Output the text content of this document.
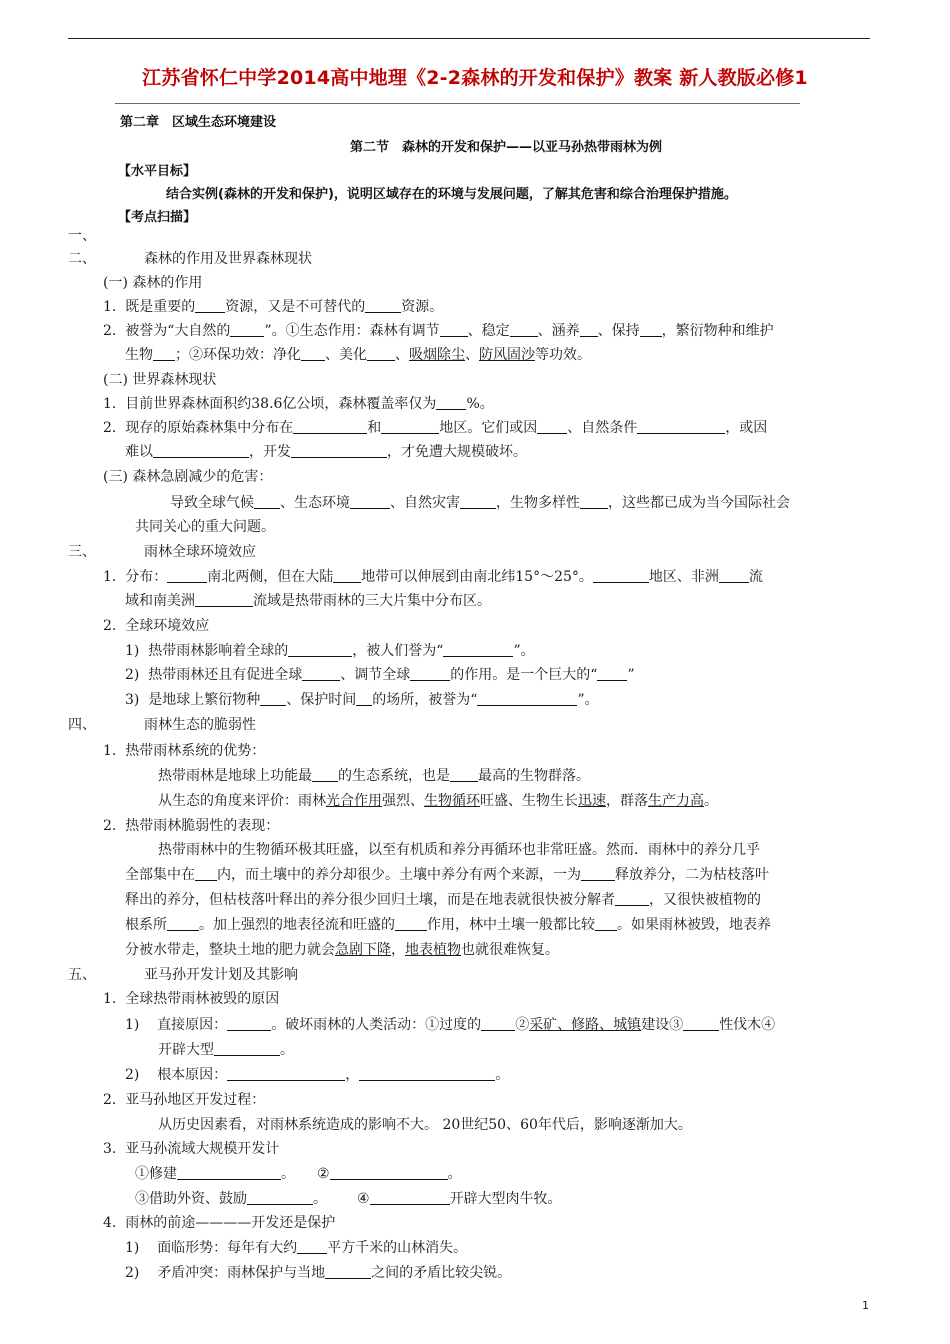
江苏省怀仁中学2014高中地理《2-2森林的开发和保护》教案 新人教版必修1
第二章　区域生态环境建设
第二节　森林的开发和保护——以亚马孙热带雨林为例
【水平目标】
结合实例(森林的开发和保护)，说明区域存在的环境与发展问题，了解其危害和综合治理保护措施。
【考点扫描】
一、
二、	森林的作用及世界森林现状
(一) 森林的作用
1. 既是重要的 资源，又是不可替代的	资源。
2. 被誉为“大自然的 ”。①生态作用：森林有调节 、稳定 、涵养 、保持 ，繁衍物种和维护
生物 ；②环保功效：净化 、美化 、吸烟除尘、防风固沙等功效。
(二) 世界森林现状
1. 目前世界森林面积约38.6亿公顷，森林覆盖率仅为 %。
2. 现存的原始森林集中分布在	和	地区。它们或因 、自然条件	，或因
难以	，开发	，才免遭大规模破坏。
(三) 森林急剧减少的危害：
导致全球气候 、生态环境	、自然灾害	，生物多样性 ，这些都已成为当今国际社会
共同关心的重大问题。
三、	雨林全球环境效应
1. 分布：	南北两侧，但在大陆 地带可以伸展到由南北纬15°～25°。	地区、非洲 流
域和南美洲	流域是热带雨林的三大片集中分布区。
2. 全球环境效应
1) 热带雨林影响着全球的	，被人们誉为“	”。
2) 热带雨林还且有促进全球	、调节全球	的作用。是一个巨大的“ ”
3) 是地球上繁衍物种 、保护时间 的场所，被誉为“	”。
四、	雨林生态的脆弱性
1. 热带雨林系统的优势：
热带雨林是地球上功能最 的生态系统，也是 最高的生物群落。
从生态的角度来评价：雨林光合作用强烈、生物循环旺盛、生物生长迅速，群落生产力高。
2. 热带雨林脆弱性的表现：
热带雨林中的生物循环极其旺盛，以至有机质和养分再循环也非常旺盛。然而．雨林中的养分几乎
全部集中在 内，而土壤中的养分却很少。土壤中养分有两个来源，一为 释放养分，二为枯枝落叶
释出的养分，但枯枝落叶释出的养分很少回归土壤，而是在地表就很快被分解者 ，又很快被植物的
根系所 。加上强烈的地表径流和旺盛的 作用，林中土壤一般都比较 。如果雨林被毁，地表养
分被水带走，整块土地的肥力就会急剧下降，地表植物也就很难恢复。
五、	亚马孙开发计划及其影响
1. 全球热带雨林被毁的原因
1) 直接原因：	。破坏雨林的人类活动：①过度的 ②采矿、修路、城镇建设③	性伐木④
开辟大型	。
2) 根本原因：	，	。
2. 亚马孙地区开发过程：
从历史因素看，对雨林系统造成的影响不大。 20世纪50、60年代后，影响逐渐加大。
3. 亚马孙流域大规模开发计
①修建	。 ②	。
③借助外资、鼓励	。 ④	开辟大型肉牛牧。
4. 雨林的前途————开发还是保护
1) 面临形势：每年有大约 平方千米的山林消失。
2) 矛盾冲突：雨林保护与当地	之间的矛盾比较尖锐。
1
